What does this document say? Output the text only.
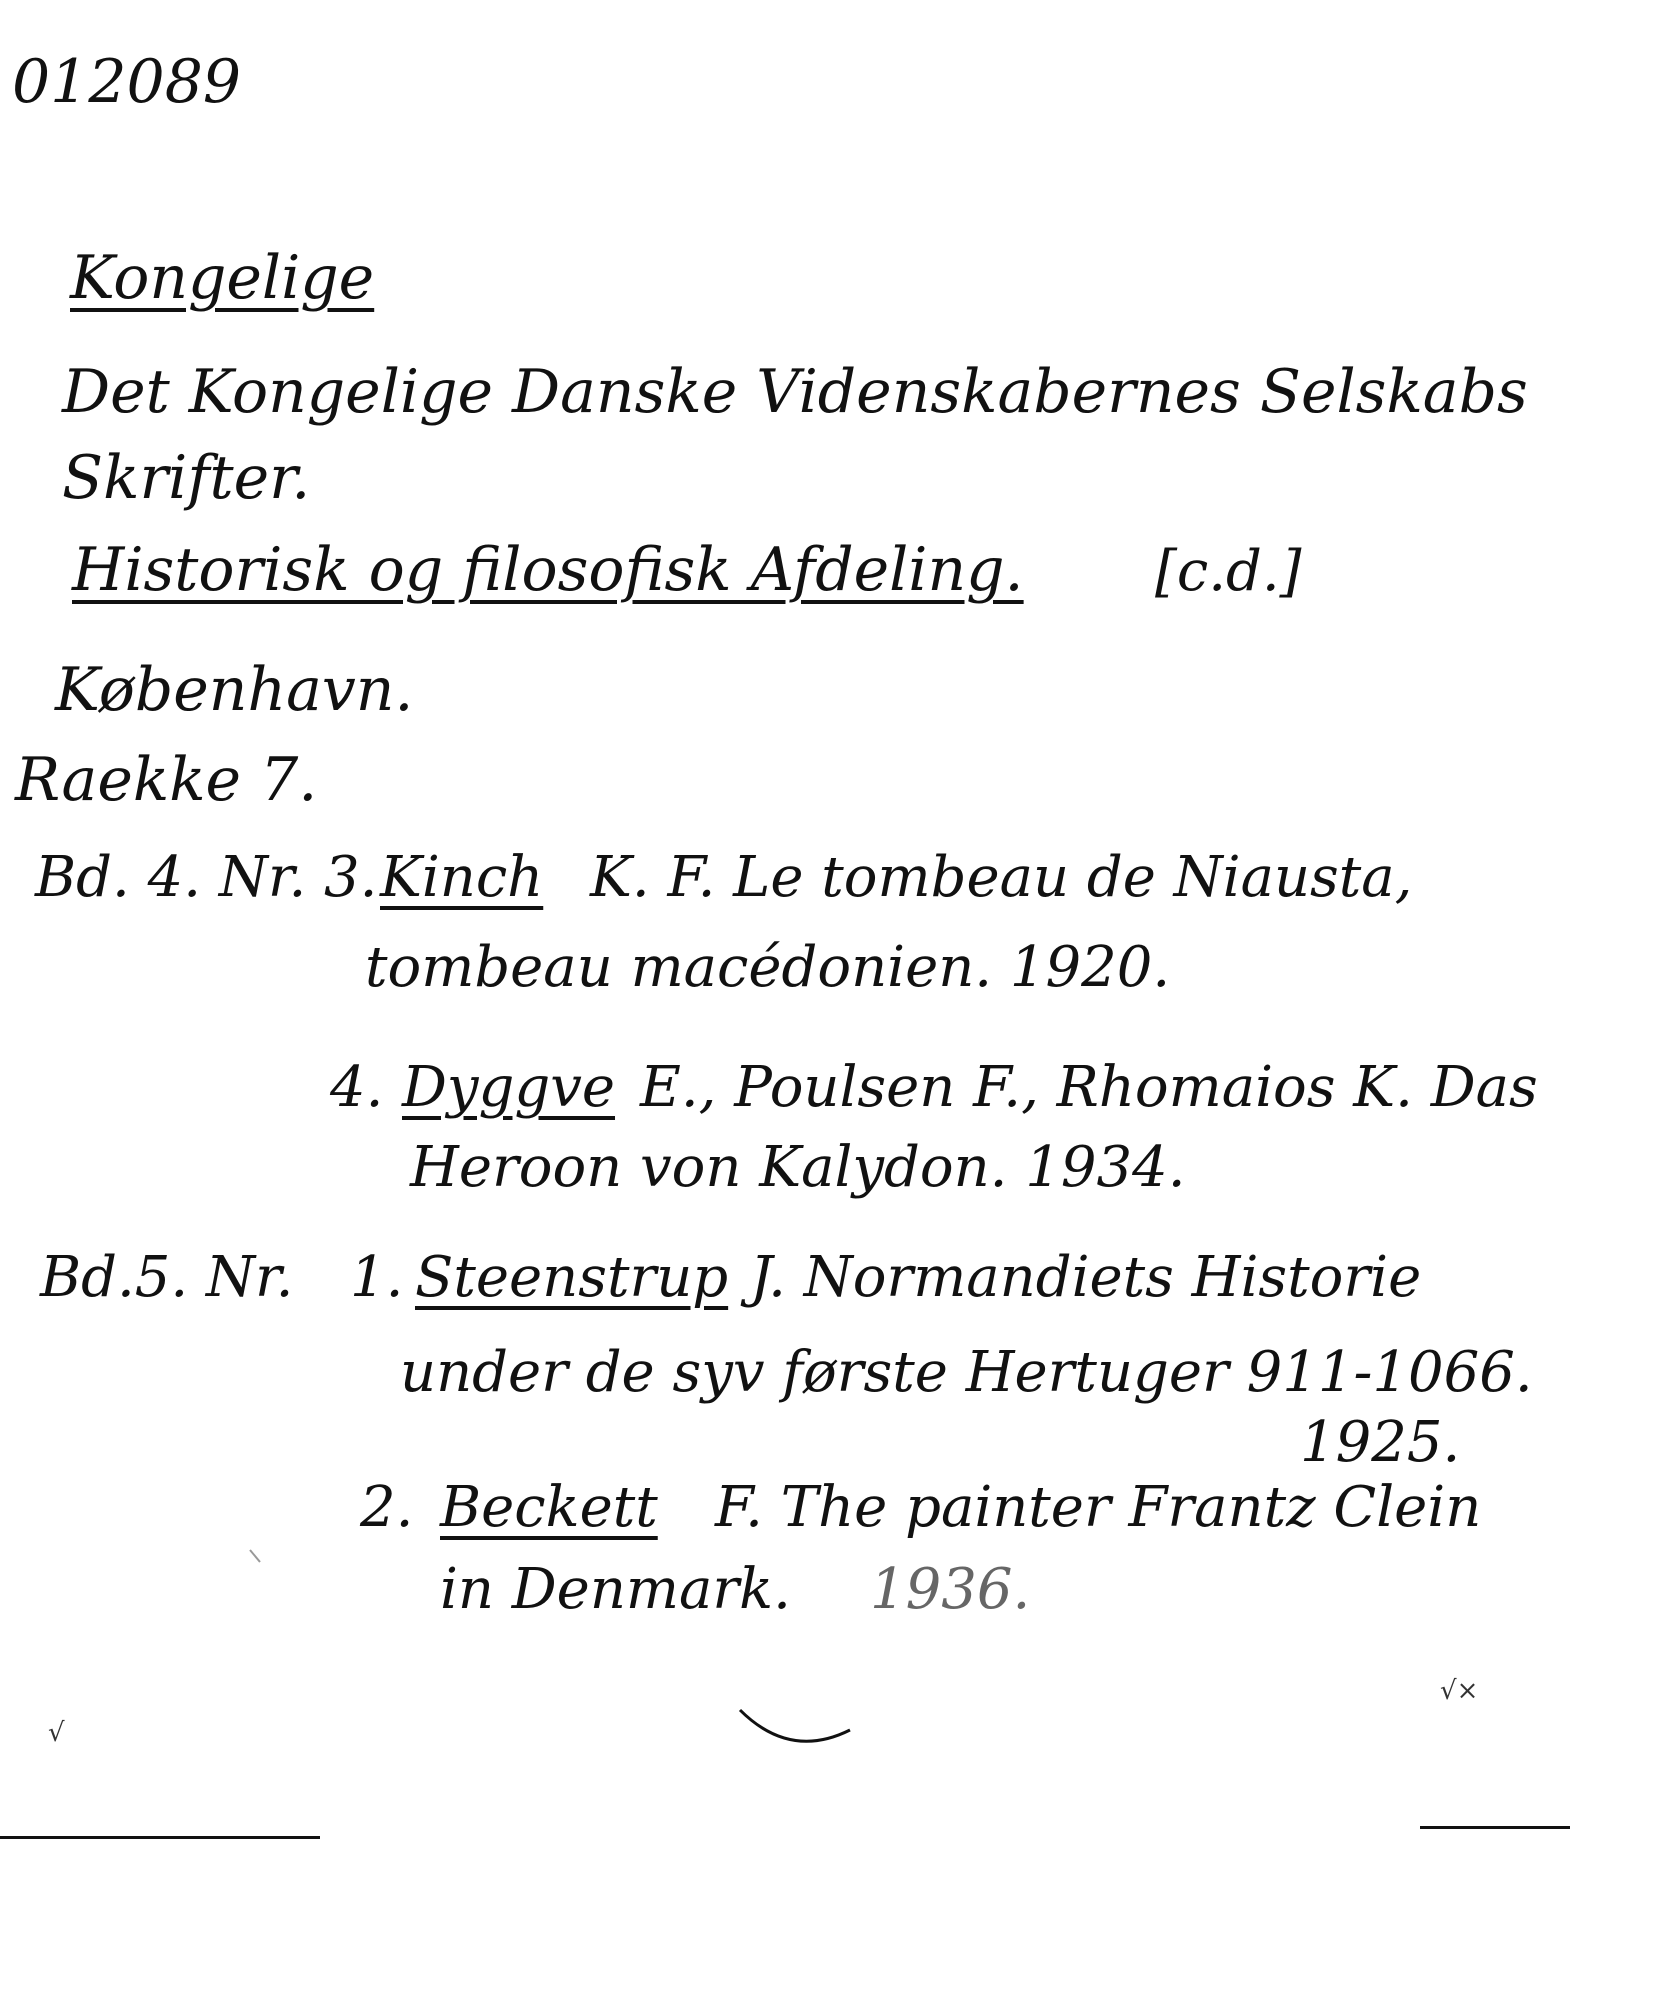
012089
Kongelige
Det Kongelige Danske Videnskabernes Selskabs
Skrifter.
Historisk og filosofisk Afdeling. [c.d.]
København.
Raekke 7.
Bd. 4. Nr. 3. Kinch K. F. Le tombeau de Niausta,
tombeau macédonien. 1920.
4. Dyggve E., Poulsen F., Rhomaios K. Das
Heroon von Kalydon. 1934.
Bd.5. Nr. 1. Steenstrup J. Normandiets Historie
under de syv første Hertuger 911-1066.
1925.
2. Beckett F. The painter Frantz Clein
in Denmark. 1936.
√
√×
